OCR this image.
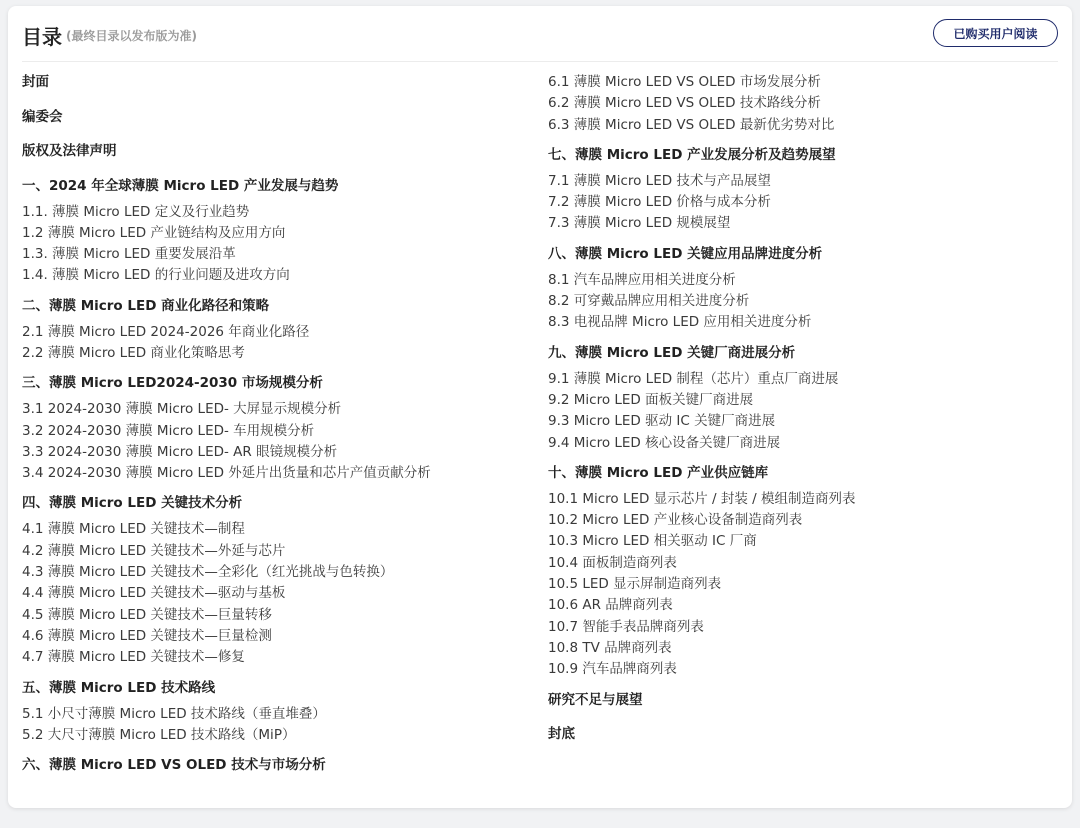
目录 (最终目录以发布版为准)	已购买用户阅读
封面
编委会
版权及法律声明
一、2024 年全球薄膜 Micro LED 产业发展与趋势
1.1. 薄膜 Micro LED 定义及行业趋势
1.2 薄膜 Micro LED 产业链结构及应用方向
1.3. 薄膜 Micro LED 重要发展沿革
1.4. 薄膜 Micro LED 的行业问题及进攻方向
二、薄膜 Micro LED 商业化路径和策略
2.1 薄膜 Micro LED 2024-2026 年商业化路径
2.2 薄膜 Micro LED 商业化策略思考
三、薄膜 Micro LED2024-2030 市场规模分析
3.1 2024-2030 薄膜 Micro LED- 大屏显示规模分析
3.2 2024-2030 薄膜 Micro LED- 车用规模分析
3.3 2024-2030 薄膜 Micro LED- AR 眼镜规模分析
3.4 2024-2030 薄膜 Micro LED 外延片出货量和芯片产值贡献分析
四、薄膜 Micro LED 关键技术分析
4.1 薄膜 Micro LED 关键技术—制程
4.2 薄膜 Micro LED 关键技术—外延与芯片
4.3 薄膜 Micro LED 关键技术—全彩化（红光挑战与色转换）
4.4 薄膜 Micro LED 关键技术—驱动与基板
4.5 薄膜 Micro LED 关键技术—巨量转移
4.6 薄膜 Micro LED 关键技术—巨量检测
4.7 薄膜 Micro LED 关键技术—修复
五、薄膜 Micro LED 技术路线
5.1 小尺寸薄膜 Micro LED 技术路线（垂直堆叠）
5.2 大尺寸薄膜 Micro LED 技术路线（MiP）
六、薄膜 Micro LED VS OLED 技术与市场分析
6.1 薄膜 Micro LED VS OLED 市场发展分析
6.2 薄膜 Micro LED VS OLED 技术路线分析
6.3 薄膜 Micro LED VS OLED 最新优劣势对比
七、薄膜 Micro LED 产业发展分析及趋势展望
7.1 薄膜 Micro LED 技术与产品展望
7.2 薄膜 Micro LED 价格与成本分析
7.3 薄膜 Micro LED 规模展望
八、薄膜 Micro LED 关键应用品牌进度分析
8.1 汽车品牌应用相关进度分析
8.2 可穿戴品牌应用相关进度分析
8.3 电视品牌 Micro LED 应用相关进度分析
九、薄膜 Micro LED 关键厂商进展分析
9.1 薄膜 Micro LED 制程（芯片）重点厂商进展
9.2 Micro LED 面板关键厂商进展
9.3 Micro LED 驱动 IC 关键厂商进展
9.4 Micro LED 核心设备关键厂商进展
十、薄膜 Micro LED 产业供应链库
10.1 Micro LED 显示芯片 / 封装 / 模组制造商列表
10.2 Micro LED 产业核心设备制造商列表
10.3 Micro LED 相关驱动 IC 厂商
10.4 面板制造商列表
10.5 LED 显示屏制造商列表
10.6 AR 品牌商列表
10.7 智能手表品牌商列表
10.8 TV 品牌商列表
10.9 汽车品牌商列表
研究不足与展望
封底
